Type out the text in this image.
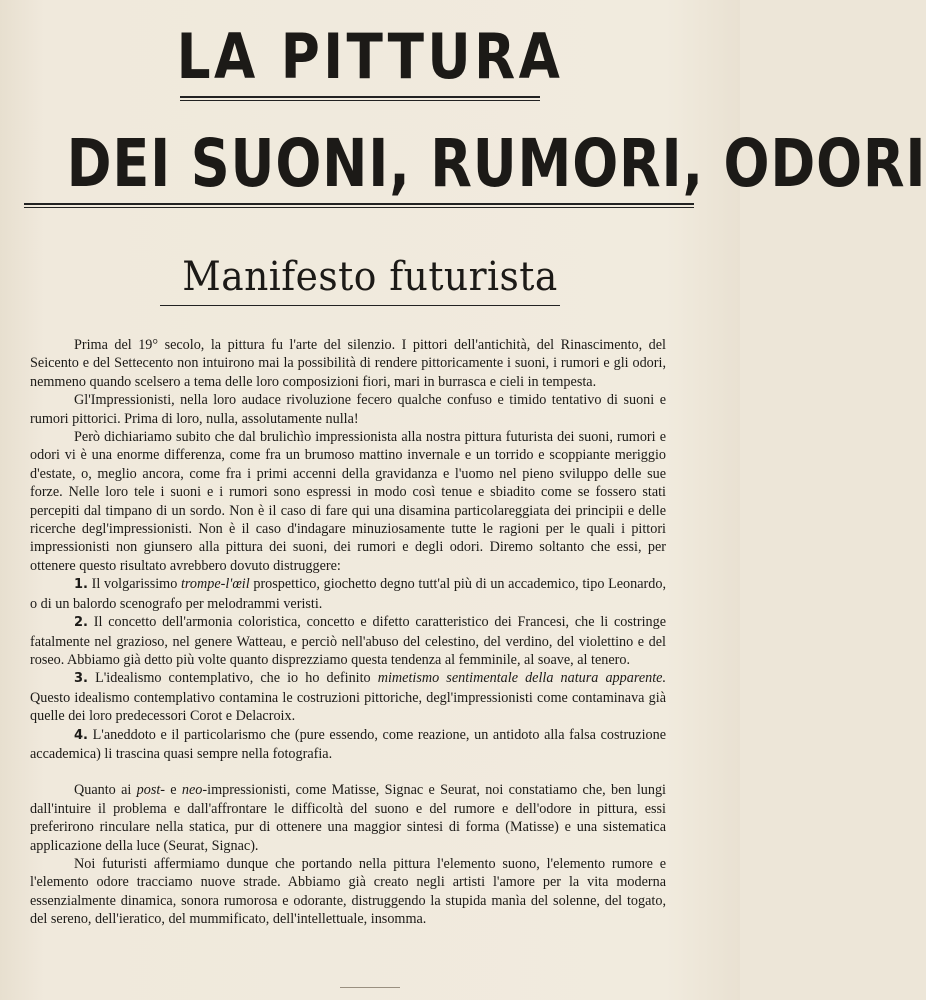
LA PITTURA
DEI SUONI, RUMORI, ODORI
Manifesto futurista

Prima del 19° secolo, la pittura fu l'arte del silenzio. I pittori dell'antichità, del Rinascimento, del Seicento e del Settecento non intuirono mai la possibilità di rendere pittoricamente i suoni, i rumori e gli odori, nemmeno quando scelsero a tema delle loro composizioni fiori, mari in burrasca e cieli in tempesta.

Gl'Impressionisti, nella loro audace rivoluzione fecero qualche confuso e timido tentativo di suoni e rumori pittorici. Prima di loro, nulla, assolutamente nulla!

Però dichiariamo subito che dal brulichìo impressionista alla nostra pittura futurista dei suoni, rumori e odori vi è una enorme differenza, come fra un brumoso mattino invernale e un torrido e scoppiante meriggio d'estate, o, meglio ancora, come fra i primi accenni della gravidanza e l'uomo nel pieno sviluppo delle sue forze. Nelle loro tele i suoni e i rumori sono espressi in modo così tenue e sbiadito come se fossero stati percepiti dal timpano di un sordo. Non è il caso di fare qui una disamina particolareggiata dei principii e delle ricerche degl'impressionisti. Non è il caso d'indagare minuziosamente tutte le ragioni per le quali i pittori impressionisti non giunsero alla pittura dei suoni, dei rumori e degli odori. Diremo soltanto che essi, per ottenere questo risultato avrebbero dovuto distruggere:

1. Il volgarissimo trompe-l'œil prospettico, giochetto degno tutt'al più di un accademico, tipo Leonardo, o di un balordo scenografo per melodrammi veristi.

2. Il concetto dell'armonia coloristica, concetto e difetto caratteristico dei Francesi, che li costringe fatalmente nel grazioso, nel genere Watteau, e perciò nell'abuso del celestino, del verdino, del violettino e del roseo. Abbiamo già detto più volte quanto disprezziamo questa tendenza al femminile, al soave, al tenero.

3. L'idealismo contemplativo, che io ho definito mimetismo sentimentale della natura apparente. Questo idealismo contemplativo contamina le costruzioni pittoriche, degl'impressionisti come contaminava già quelle dei loro predecessori Corot e Delacroix.

4. L'aneddoto e il particolarismo che (pure essendo, come reazione, un antidoto alla falsa costruzione accademica) li trascina quasi sempre nella fotografia.

Quanto ai post- e neo-impressionisti, come Matisse, Signac e Seurat, noi constatiamo che, ben lungi dall'intuire il problema e dall'affrontare le difficoltà del suono e del rumore e dell'odore in pittura, essi preferirono rinculare nella statica, pur di ottenere una maggior sintesi di forma (Matisse) e una sistematica applicazione della luce (Seurat, Signac).

Noi futuristi affermiamo dunque che portando nella pittura l'elemento suono, l'elemento rumore e l'elemento odore tracciamo nuove strade. Abbiamo già creato negli artisti l'amore per la vita moderna essenzialmente dinamica, sonora rumorosa e odorante, distruggendo la stupida manìa del solenne, del togato, del sereno, dell'ieratico, del mummificato, dell'intellettuale, insomma.
